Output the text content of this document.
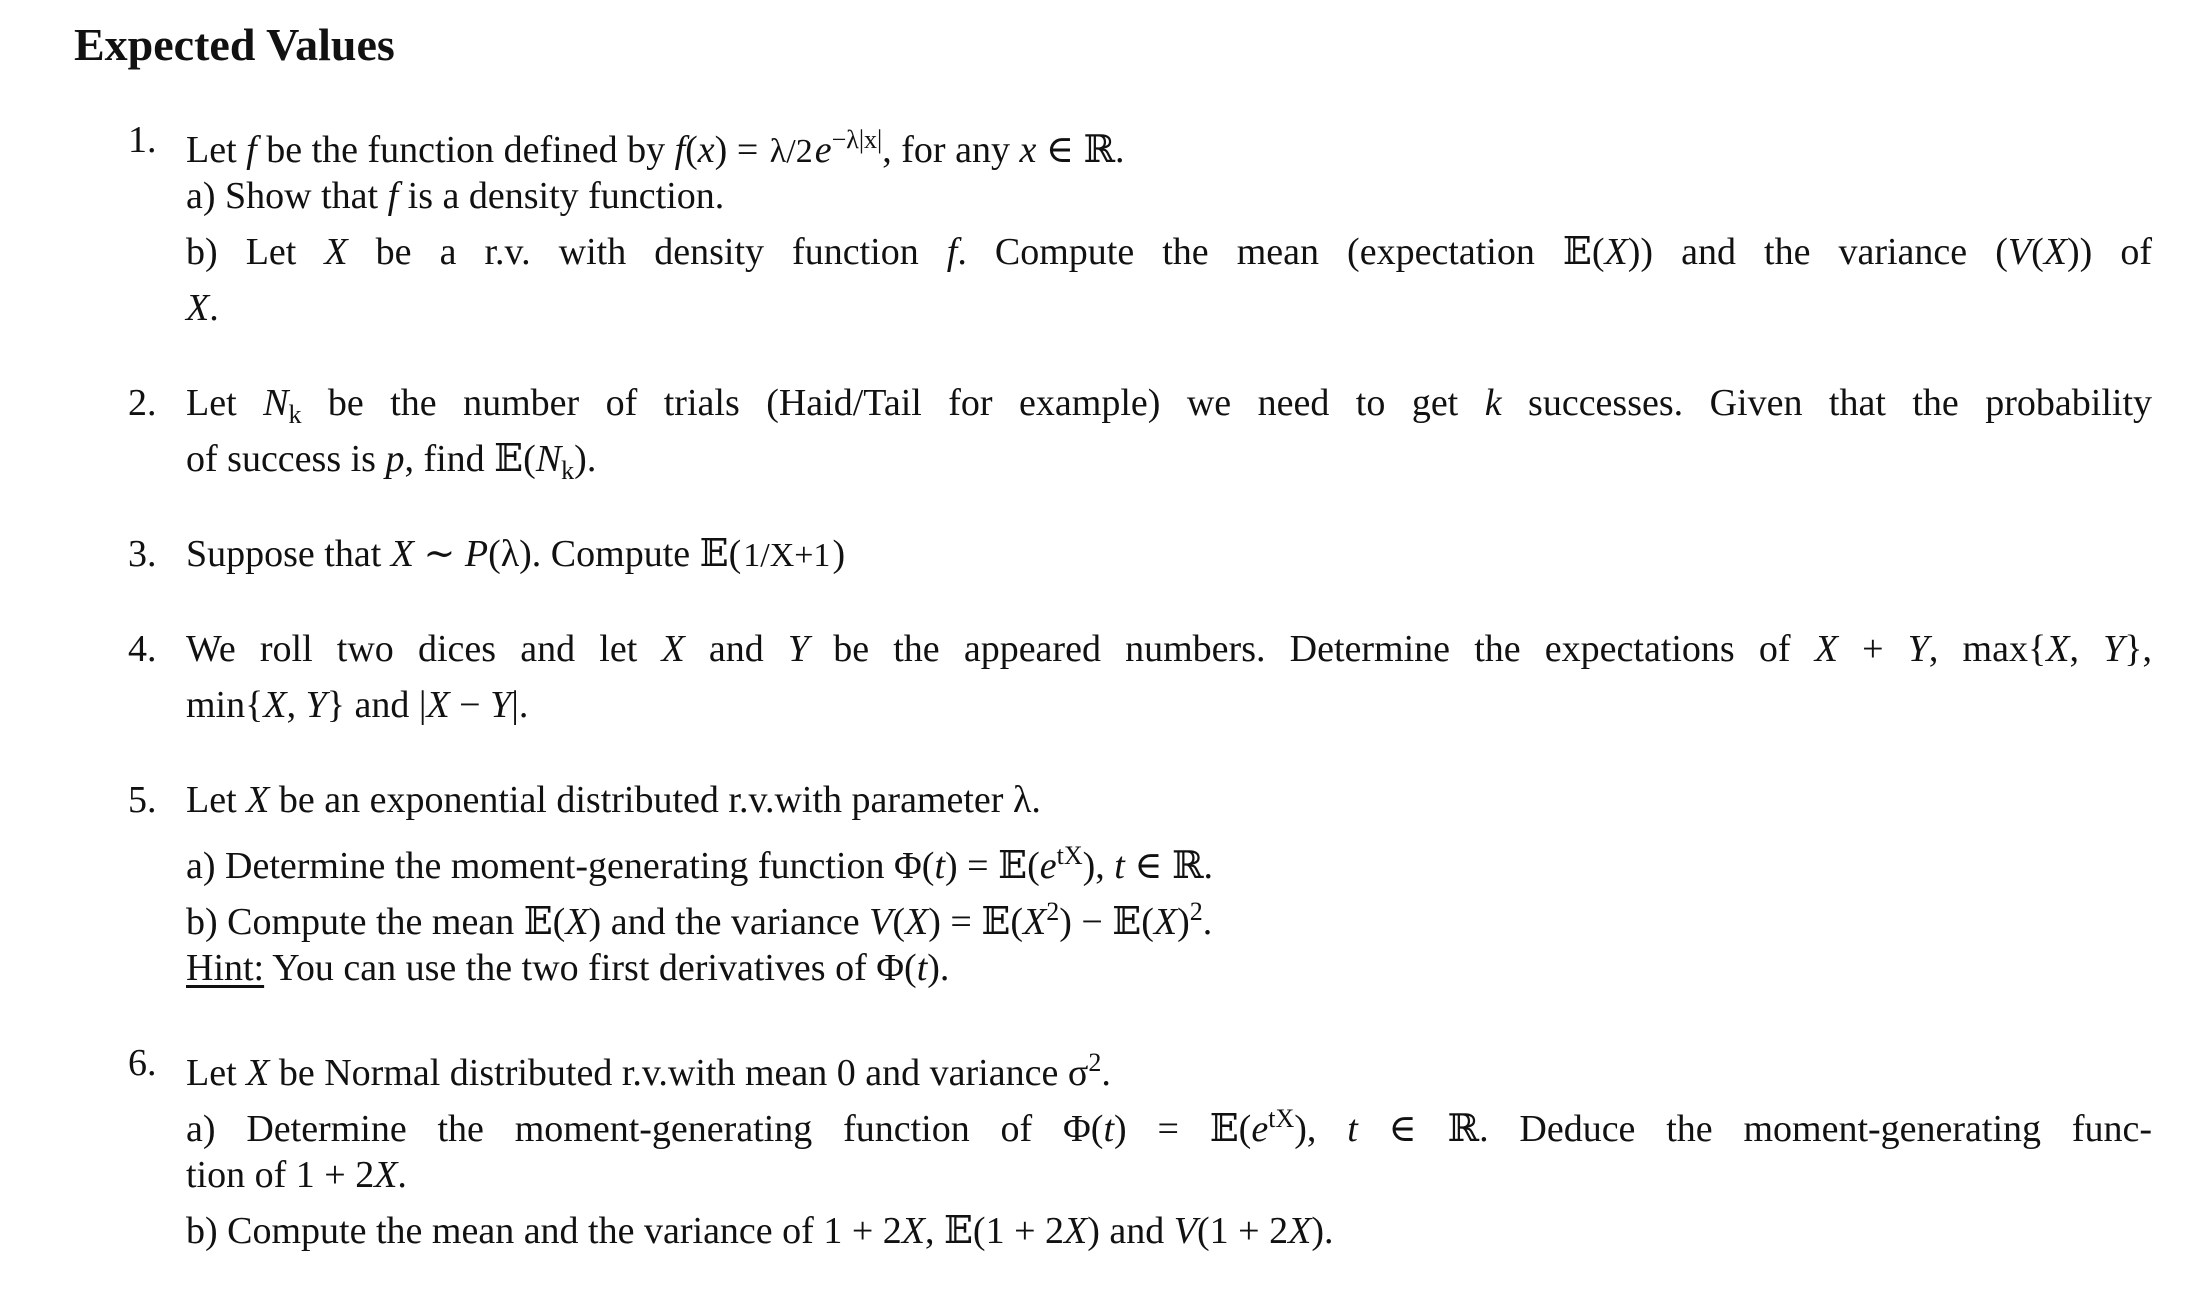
Expected Values
1. Let f be the function defined by $f(x) = \lambda/2e^{-\lambda|x|}$, for any x ∈ ℝ.
a) Show that f is a density function.
b) Let X be a r.v. with density function f. Compute the mean (expectation 𝔼(X)) and the variance (V(X)) of
X.
2. Let $N_k$ be the number of trials (Haid/Tail for example) we need to get k successes. Given that the probability
of success is p, find $𝔼(N_k)$.
3. Suppose that X ∼ P(λ). Compute 𝔼(1/X+1)
4. We roll two dices and let X and Y be the appeared numbers. Determine the expectations of X + Y, max{X, Y},
min{X, Y} and |X − Y|.
5. Let X be an exponential distributed r.v.with parameter λ.
a) Determine the moment-generating function $\Phi(t) = 𝔼(e^{tX})$, t ∈ ℝ.
b) Compute the mean 𝔼(X) and the variance $V(X) = 𝔼(X^2)$ − $𝔼(X)^2$.
Hint: You can use the two first derivatives of Φ(t).
6. Let X be Normal distributed r.v.with mean 0 and variance $\sigma^2$.
a) Determine the moment-generating function of $\Phi(t) = 𝔼(e^{tX})$, t ∈ ℝ. Deduce the moment-generating func-
tion of 1 + 2X.
b) Compute the mean and the variance of 1 + 2X, 𝔼(1 + 2X) and V(1 + 2X).
